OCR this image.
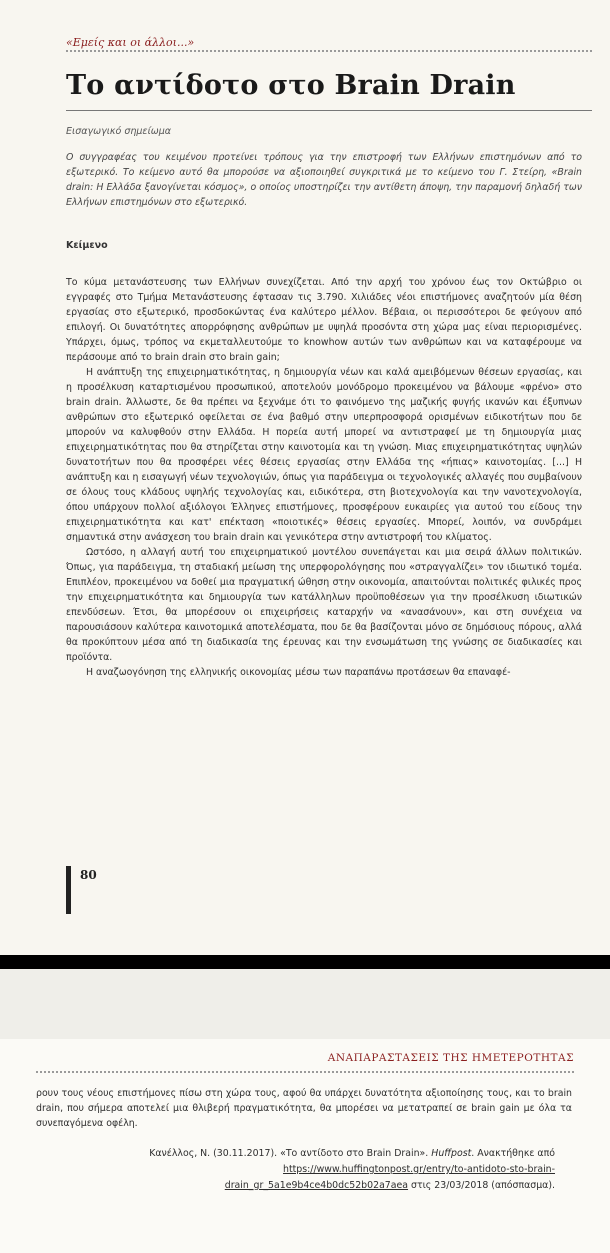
«Εμείς και οι άλλοι...»
Το αντίδοτο στο Brain Drain
Εισαγωγικό σημείωμα
Ο συγγραφέας του κειμένου προτείνει τρόπους για την επιστροφή των Ελλήνων επιστημόνων από το εξωτερικό. Το κείμενο αυτό θα μπορούσε να αξιοποιηθεί συγκριτικά με το κείμενο του Γ. Στείρη, «Brain drain: Η Ελλάδα ξανογίνεται κόσμος», ο οποίος υποστηρίζει την αντίθετη άποψη, την παραμονή δηλαδή των Ελλήνων επιστημόνων στο εξωτερικό.
Κείμενο

Το κύμα μετανάστευσης των Ελλήνων συνεχίζεται. Από την αρχή του χρόνου έως τον Οκτώβριο οι εγγραφές στο Τμήμα Μετανάστευσης έφτασαν τις 3.790. Χιλιάδες νέοι επιστήμονες αναζητούν μία θέση εργασίας στο εξωτερικό, προσδοκώντας ένα καλύτερο μέλλον. Βέβαια, οι περισσότεροι δε φεύγουν από επιλογή. Οι δυνατότητες απορρόφησης ανθρώπων με υψηλά προσόντα στη χώρα μας είναι περιορισμένες. Υπάρχει, όμως, τρόπος να εκμεταλλευτούμε το knowhow αυτών των ανθρώπων και να καταφέρουμε να περάσουμε από το brain drain στο brain gain;

Η ανάπτυξη της επιχειρηματικότητας, η δημιουργία νέων και καλά αμειβόμενων θέσεων εργασίας, και η προσέλκυση καταρτισμένου προσωπικού, αποτελούν μονόδρομο προκειμένου να βάλουμε «φρένο» στο brain drain. Άλλωστε, δε θα πρέπει να ξεχνάμε ότι το φαινόμενο της μαζικής φυγής ικανών και έξυπνων ανθρώπων στο εξωτερικό οφείλεται σε ένα βαθμό στην υπερπροσφορά ορισμένων ειδικοτήτων που δε μπορούν να καλυφθούν στην Ελλάδα. Η πορεία αυτή μπορεί να αντιστραφεί με τη δημιουργία μιας επιχειρηματικότητας που θα στηρίζεται στην καινοτομία και τη γνώση. Μιας επιχειρηματικότητας υψηλών δυνατοτήτων που θα προσφέρει νέες θέσεις εργασίας στην Ελλάδα της «ήπιας» καινοτομίας. [...] Η ανάπτυξη και η εισαγωγή νέων τεχνολογιών, όπως για παράδειγμα οι τεχνολογικές αλλαγές που συμβαίνουν σε όλους τους κλάδους υψηλής τεχνολογίας και, ειδικότερα, στη βιοτεχνολογία και την νανοτεχνολογία, όπου υπάρχουν πολλοί αξιόλογοι Έλληνες επιστήμονες, προσφέρουν ευκαιρίες για αυτού του είδους την επιχειρηματικότητα και κατ' επέκταση «ποιοτικές» θέσεις εργασίες. Μπορεί, λοιπόν, να συνδράμει σημαντικά στην ανάσχεση του brain drain και γενικότερα στην αντιστροφή του κλίματος.

Ωστόσο, η αλλαγή αυτή του επιχειρηματικού μοντέλου συνεπάγεται και μια σειρά άλλων πολιτικών. Όπως, για παράδειγμα, τη σταδιακή μείωση της υπερφορολόγησης που «στραγγαλίζει» τον ιδιωτικό τομέα. Επιπλέον, προκειμένου να δοθεί μια πραγματική ώθηση στην οικονομία, απαιτούνται πολιτικές φιλικές προς την επιχειρηματικότητα και δημιουργία των κατάλληλων προϋποθέσεων για την προσέλκυση ιδιωτικών επενδύσεων. Έτσι, θα μπορέσουν οι επιχειρήσεις καταρχήν να «ανασάνουν», και στη συνέχεια να παρουσιάσουν καλύτερα καινοτομικά αποτελέσματα, που δε θα βασίζονται μόνο σε δημόσιους πόρους, αλλά θα προκύπτουν μέσα από τη διαδικασία της έρευνας και την ενσωμάτωση της γνώσης σε διαδικασίες και προϊόντα.

Η αναζωογόνηση της ελληνικής οικονομίας μέσω των παραπάνω προτάσεων θα επαναφέ-

80
ΑΝΑΠΑΡΑΣΤΑΣΕΙΣ ΤΗΣ ΗΜΕΤΕΡΟΤΗΤΑΣ
ρουν τους νέους επιστήμονες πίσω στη χώρα τους, αφού θα υπάρχει δυνατότητα αξιοποίησης τους, και το brain drain, που σήμερα αποτελεί μια θλιβερή πραγματικότητα, θα μπορέσει να μετατραπεί σε brain gain με όλα τα συνεπαγόμενα οφέλη.
Κανέλλος, Ν. (30.11.2017). «Το αντίδοτο στο Brain Drain». Huffpost. Ανακτήθηκε από https://www.huffingtonpost.gr/entry/to-antidoto-sto-brain-drain_gr_5a1e9b4ce4b0dc52b02a7aea στις 23/03/2018 (απόσπασμα).
